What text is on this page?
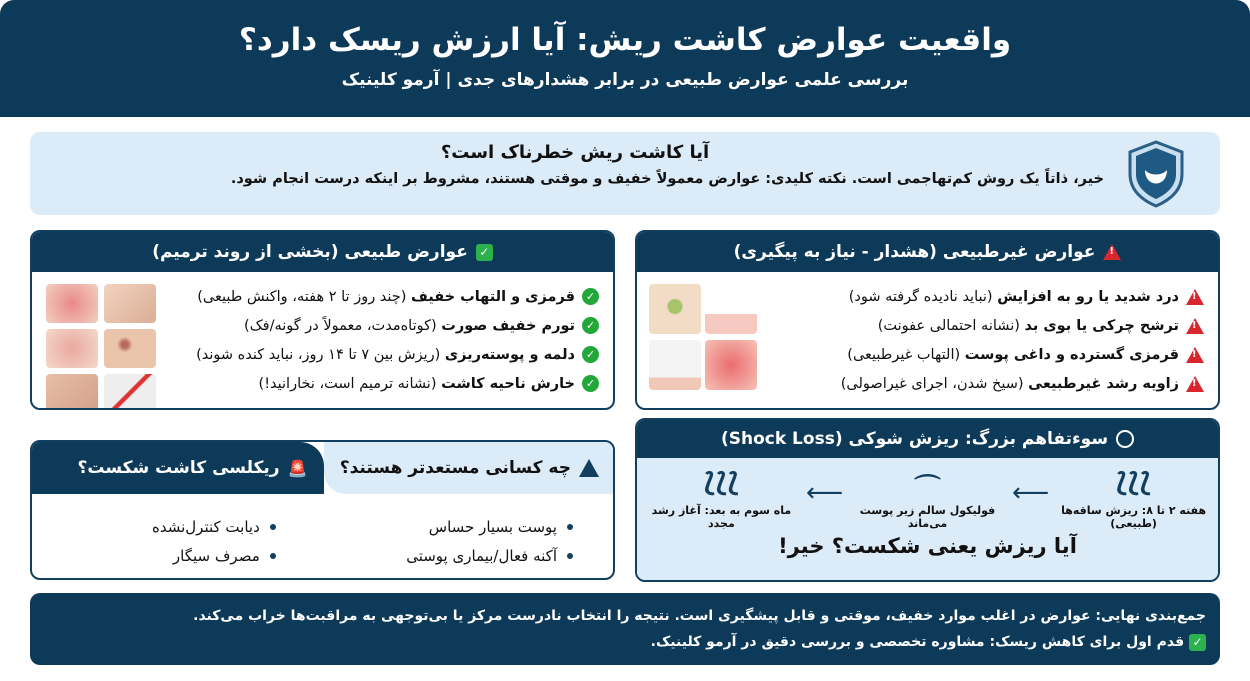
واقعیت عوارض کاشت ریش: آیا ارزش ریسک دارد؟
بررسی علمی عوارض طبیعی در برابر هشدارهای جدی | آرمو کلینیک
آیا کاشت ریش خطرناک است؟

خیر، ذاتاً یک روش کم‌تهاجمی است. نکته کلیدی: عوارض معمولاً خفیف و موقتی هستند، مشروط بر اینکه درست انجام شود.

✓
عوارض طبیعی (بخشی از روند ترمیم)
✓
قرمزی و التهاب خفیف (چند روز تا ۲ هفته، واکنش طبیعی)
✓
تورم خفیف صورت (کوتاه‌مدت، معمولاً در گونه/فک)
✓
دلمه و پوسته‌ریزی (ریزش بین ۷ تا ۱۴ روز، نباید کنده شوند)
✓
خارش ناحیه کاشت (نشانه ترمیم است، نخارانید!)
!
عوارض غیرطبیعی (هشدار - نیاز به پیگیری)
!
درد شدید یا رو به افزایش (نباید نادیده گرفته شود)
!
ترشح چرکی یا بوی بد (نشانه احتمالی عفونت)
!
قرمزی گسترده و داغی پوست (التهاب غیرطبیعی)
!
زاویه رشد غیرطبیعی (سیخ شدن، اجرای غیراصولی)
چه کسانی مستعدتر هستند؟
🚨
ریکلسی کاشت شکست؟
پوست بسیار حساس
آکنه فعال/بیماری پوستی
دیابت کنترل‌نشده
مصرف سیگار
سوءتفاهم بزرگ: ریزش شوکی (Shock Loss)
⟆⟆⟆
هفته ۲ تا ۸: ریزش ساقه‌ها (طبیعی)
⟵
⌒
فولیکول سالم زیر پوست می‌ماند
⟵
⟆⟆⟆
ماه سوم به بعد: آغاز رشد مجدد
آیا ریزش یعنی شکست؟ خیر!
جمع‌بندی نهایی: عوارض در اغلب موارد خفیف، موقتی و قابل پیشگیری است. نتیجه را انتخاب نادرست مرکز یا بی‌توجهی به مراقبت‌ها خراب می‌کند.
✓ قدم اول برای کاهش ریسک: مشاوره تخصصی و بررسی دقیق در آرمو کلینیک.
